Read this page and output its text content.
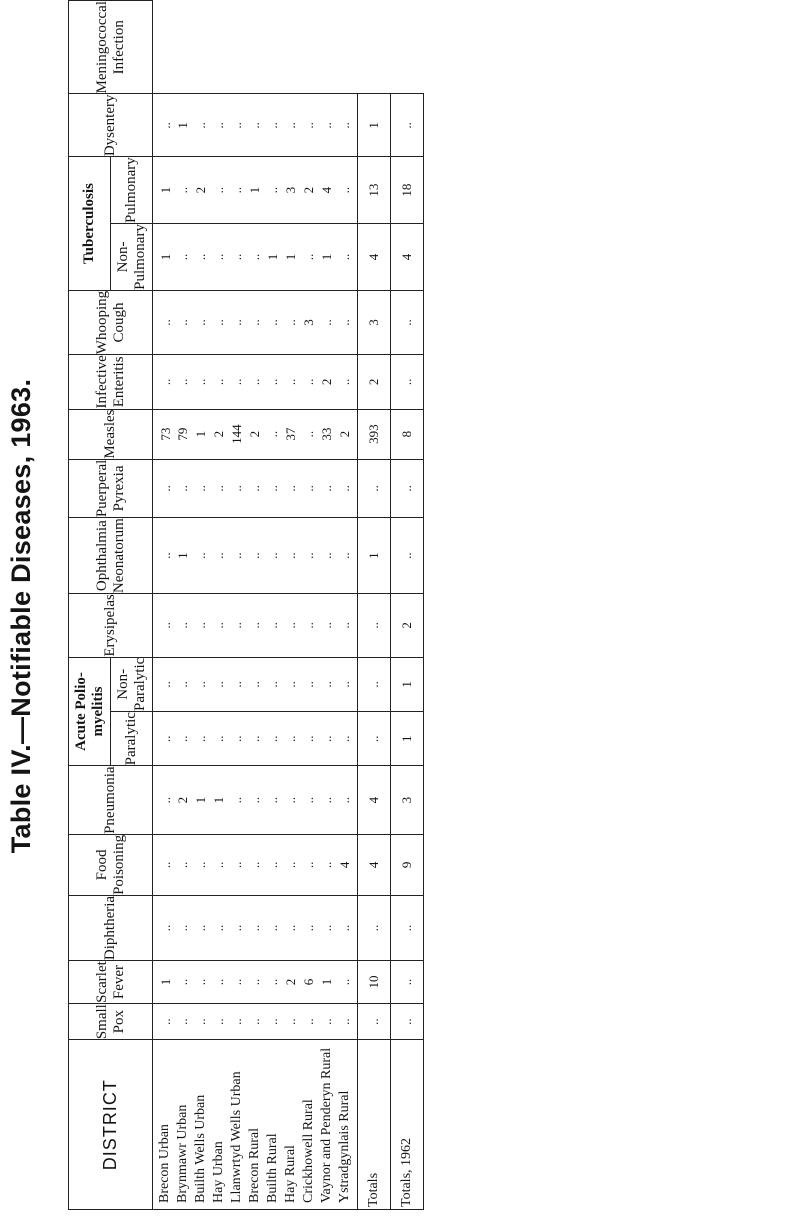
Table IV.—Notifiable Diseases, 1963.
DISTRICT	Small Pox	Scarlet Fever	Diphtheria	Food Poisoning	Pneumonia	Acute Polio-myelitis		Erysipelas	Ophthalmia Neonatorum	Puerperal Pyrexia	Measles	Infective Enteritis	Whooping Cough	Tuberculosis		Dysentery	Meningococcal Infection
						Paralytic	Non-Paralytic							Non-Pulmonary	Pulmonary		
Brecon Urban	..	1	..	..	..	..	..	..	..	..	73	..	..	1	1	..	
Brynmawr Urban	..	..	..	..	2	..	..	..	1	..	79	..	..	..	..	1	
Builth Wells Urban	..	..	..	..	1	..	..	..	..	..	1	..	..	..	2	..	
Hay Urban	..	..	..	..	1	..	..	..	..	..	2	..	..	..	..	..	
Llanwrtyd Wells Urban	..	..	..	..	..	..	..	..	..	..	144	..	..	..	..	..	
Brecon Rural	..	..	..	..	..	..	..	..	..	..	2	..	..	..	1	..	
Builth Rural	..	..	..	..	..	..	..	..	..	..	..	..	..	1	..	..	
Hay Rural	..	2	..	..	..	..	..	..	..	..	37	..	..	1	3	..	
Crickhowell Rural	..	6	..	..	..	..	..	..	..	..	..	..	3	..	2	..	
Vaynor and Penderyn Rural	..	1	..	..	..	..	..	..	..	..	33	2	..	1	4	..	
Ystradgynlais Rural	..	..	..	4	..	..	..	..	..	..	2	..	..	..	..	..	
Totals	..	10	..	4	4	..	..	..	1	..	393	2	3	4	13	1	
Totals, 1962	..	..	..	9	3	1	1	2	..	..	8	..	..	4	18	..	
